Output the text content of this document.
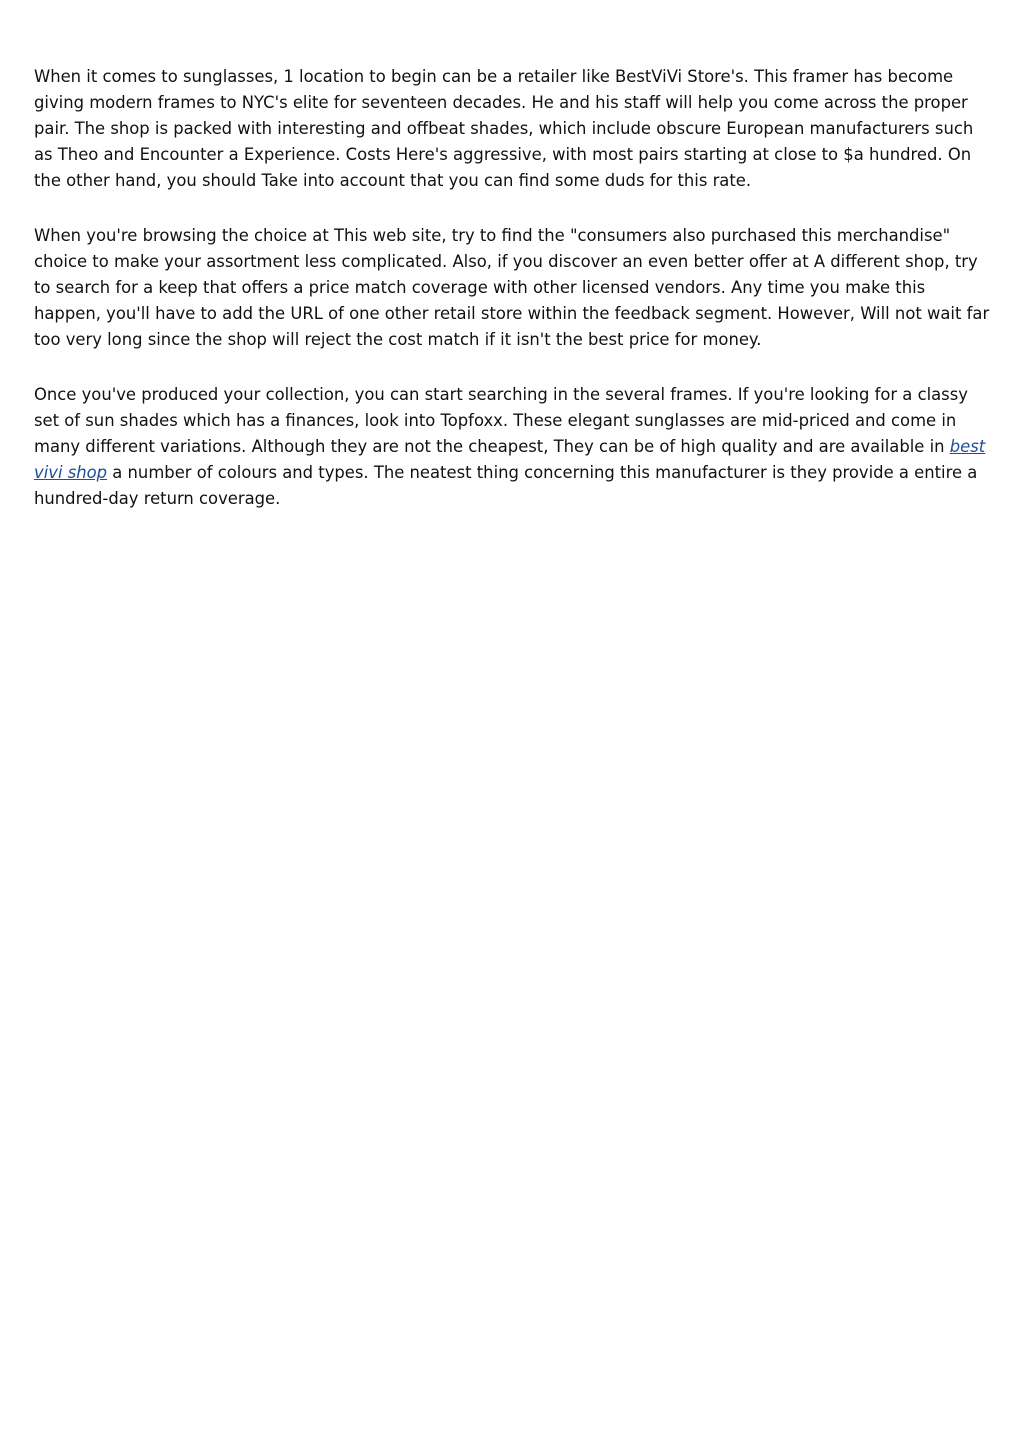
When it comes to sunglasses, 1 location to begin can be a retailer like BestViVi Store's. This framer has become giving modern frames to NYC's elite for seventeen decades. He and his staff will help you come across the proper pair. The shop is packed with interesting and offbeat shades, which include obscure European manufacturers such as Theo and Encounter a Experience. Costs Here's aggressive, with most pairs starting at close to $a hundred. On the other hand, you should Take into account that you can find some duds for this rate.

When you're browsing the choice at This web site, try to find the "consumers also purchased this merchandise" choice to make your assortment less complicated. Also, if you discover an even better offer at A different shop, try to search for a keep that offers a price match coverage with other licensed vendors. Any time you make this happen, you'll have to add the URL of one other retail store within the feedback segment. However, Will not wait far too very long since the shop will reject the cost match if it isn't the best price for money.

Once you've produced your collection, you can start searching in the several frames. If you're looking for a classy set of sun shades which has a finances, look into Topfoxx. These elegant sunglasses are mid-priced and come in many different variations. Although they are not the cheapest, They can be of high quality and are available in best vivi shop a number of colours and types. The neatest thing concerning this manufacturer is they provide a entire a hundred-day return coverage.
